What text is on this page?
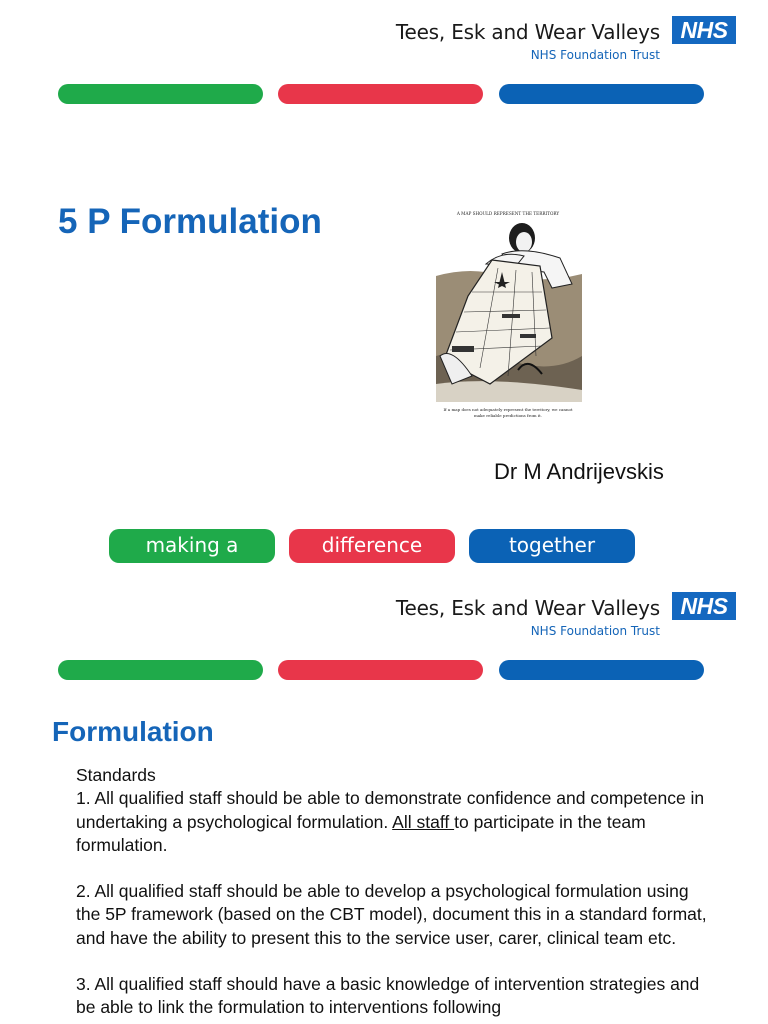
Tees, Esk and Wear Valleys
NHS Foundation Trust
NHS
5 P Formulation	A MAP SHOULD REPRESENT THE TERRITORY
If a map does not adequately represent the territory, we cannot
make reliable predictions from it.
Dr M Andrijevskis
making a	difference	together
Tees, Esk and Wear Valleys
NHS Foundation Trust
NHS
Formulation

Standards

1. All qualified staff should be able to demonstrate confidence and competence in undertaking a psychological formulation. All staff to participate in the team formulation.

2. All qualified staff should be able to develop a psychological formulation using the 5P framework (based on the CBT model), document this in a standard format, and have the ability to present this to the service user, carer, clinical team etc.

3. All qualified staff should have a basic knowledge of intervention strategies and be able to link the formulation to interventions following
